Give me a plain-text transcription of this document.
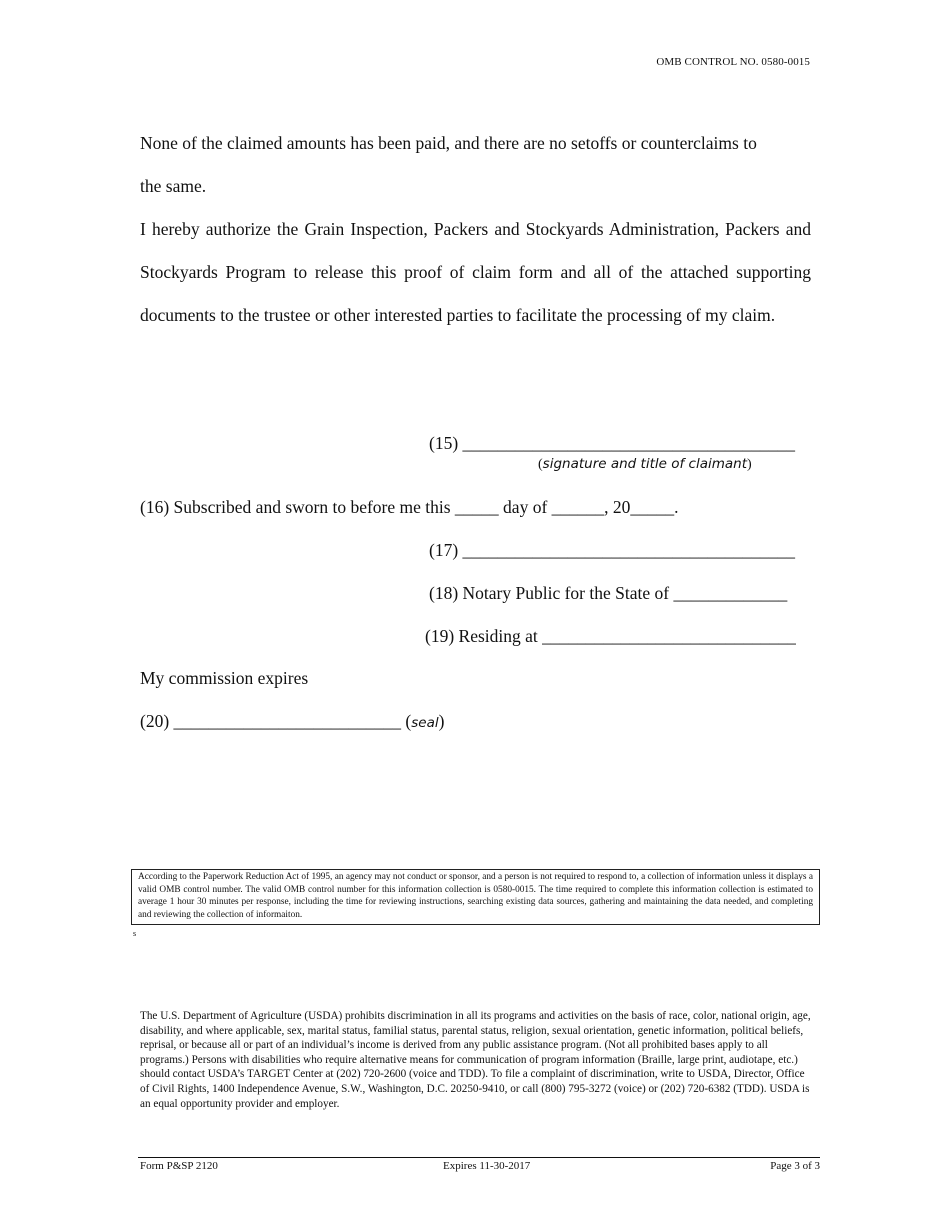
OMB CONTROL NO. 0580-0015
None of the claimed amounts has been paid, and there are no setoffs or counterclaims to
the same.
I hereby authorize the Grain Inspection, Packers and Stockyards Administration, Packers and Stockyards Program to release this proof of claim form and all of the attached supporting documents to the trustee or other interested parties to facilitate the processing of my claim.
(15) ______________________________________
(signature and title of claimant)
(16) Subscribed and sworn to before me this _____ day of ______, 20_____.
(17) ______________________________________
(18) Notary Public for the State of _____________
(19) Residing at _____________________________
My commission expires
(20) __________________________ (seal)
According to the Paperwork Reduction Act of 1995, an agency may not conduct or sponsor, and a person is not required to respond to, a collection of information unless it displays a valid OMB control number. The valid OMB control number for this information collection is 0580-0015. The time required to complete this information collection is estimated to average 1 hour 30 minutes per response, including the time for reviewing instructions, searching existing data sources, gathering and maintaining the data needed, and completing and reviewing the collection of informaiton.
s
The U.S. Department of Agriculture (USDA) prohibits discrimination in all its programs and activities on the basis of race, color, national origin, age, disability, and where applicable, sex, marital status, familial status, parental status, religion, sexual orientation, genetic information, political beliefs, reprisal, or because all or part of an individual’s income is derived from any public assistance program. (Not all prohibited bases apply to all programs.) Persons with disabilities who require alternative means for communication of program information (Braille, large print, audiotape, etc.) should contact USDA’s TARGET Center at (202) 720-2600 (voice and TDD). To file a complaint of discrimination, write to USDA, Director, Office of Civil Rights, 1400 Independence Avenue, S.W., Washington, D.C. 20250-9410, or call (800) 795-3272 (voice) or (202) 720-6382 (TDD). USDA is an equal opportunity provider and employer.
Form P&SP 2120	Expires 11-30-2017	Page 3 of 3
